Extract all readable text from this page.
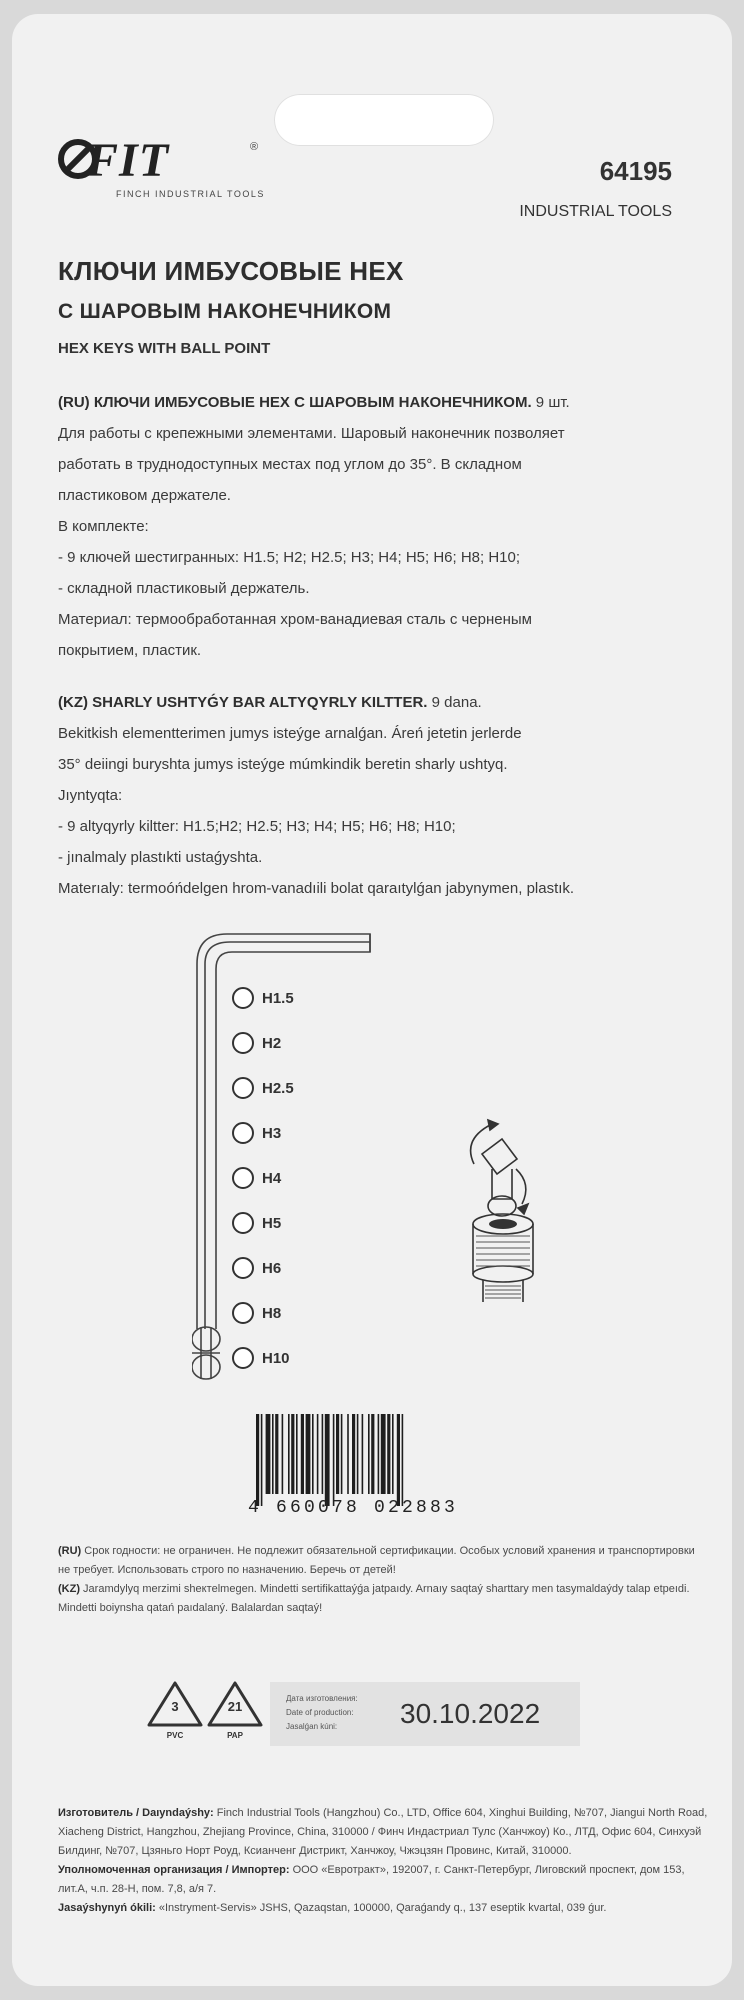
FIT	®
FINCH INDUSTRIAL TOOLS
64195
INDUSTRIAL TOOLS
КЛЮЧИ ИМБУСОВЫЕ HEX
С ШАРОВЫМ НАКОНЕЧНИКОМ
HEX KEYS WITH BALL POINT

(RU) КЛЮЧИ ИМБУСОВЫЕ HEX С ШАРОВЫМ НАКОНЕЧНИКОМ. 9 шт.

Для работы с крепежными элементами. Шаровый наконечник позволяет

работать в труднодоступных местах под углом до 35°. В складном

пластиковом держателе.

В комплекте:

- 9 ключей шестигранных: H1.5; H2; H2.5; H3; H4; H5; H6; H8; H10;

- складной пластиковый держатель.

Материал: термообработанная хром-ванадиевая сталь с черненым

покрытием, пластик.

(KZ) SHARLY USHTYǴY BAR ALTYQYRLY KILTTER. 9 dana.

Bekitkish elementterimen jumys isteýge arnalǵan. Áreń jetetin jerlerde

35° deiingi buryshta jumys isteýge múmkindik beretin sharly ushtyq.

Jıyntyqta:

- 9 altyqyrly kiltter: H1.5;H2; H2.5; H3; H4; H5; H6; H8; H10;

- jınalmaly plastıkti ustaǵyshta.

Materıaly: termoóńdelgen hrom-vanadıili bolat qaraıtylǵan jabynymen, plastık.

H1.5
H2
H2.5
H3
H4
H5
H6
H8
H10
4 660078 022883

(RU) Срок годности: не ограничен. Не подлежит обязательной сертификации. Особых условий хранения и транспортировки не требует. Использовать строго по назначению. Беречь от детей!

(KZ) Jaramdylyq merzimi sheктelmegen. Mindetti sertifikattaýǵa jatpaıdy. Arnaıy saqtaý sharttary men tasymaldaýdy talap etpeıdi. Mindetti boiynsha qatań paıdalaný. Balalardan saqtaý!

3
PVC
21
PAP
Дата изготовления:
Date of production:
Jasalǵan kúni: 30.10.2022

Изготовитель / Daıyndaýshy: Finch Industrial Tools (Hangzhou) Co., LTD, Office 604, Xinghui Building, №707, Jiangui North Road, Xiacheng District, Hangzhou, Zhejiang Province, China, 310000 / Финч Индастриал Тулс (Ханчжоу) Ко., ЛТД, Офис 604, Синхуэй Билдинг, №707, Цзяньго Норт Роуд, Ксианченг Дистрикт, Ханчжоу, Чжэцзян Провинс, Китай, 310000.

Уполномоченная организация / Импортер: ООО «Евротракт», 192007, г. Санкт-Петербург, Лиговский проспект, дом 153, лит.А, ч.п. 28-Н, пом. 7,8, а/я 7.

Jasaýshynyń ókili: «Instryment-Servis» JSHS, Qazaqstan, 100000, Qaraǵandy q., 137 eseptik kvartal, 039 ǵur.
